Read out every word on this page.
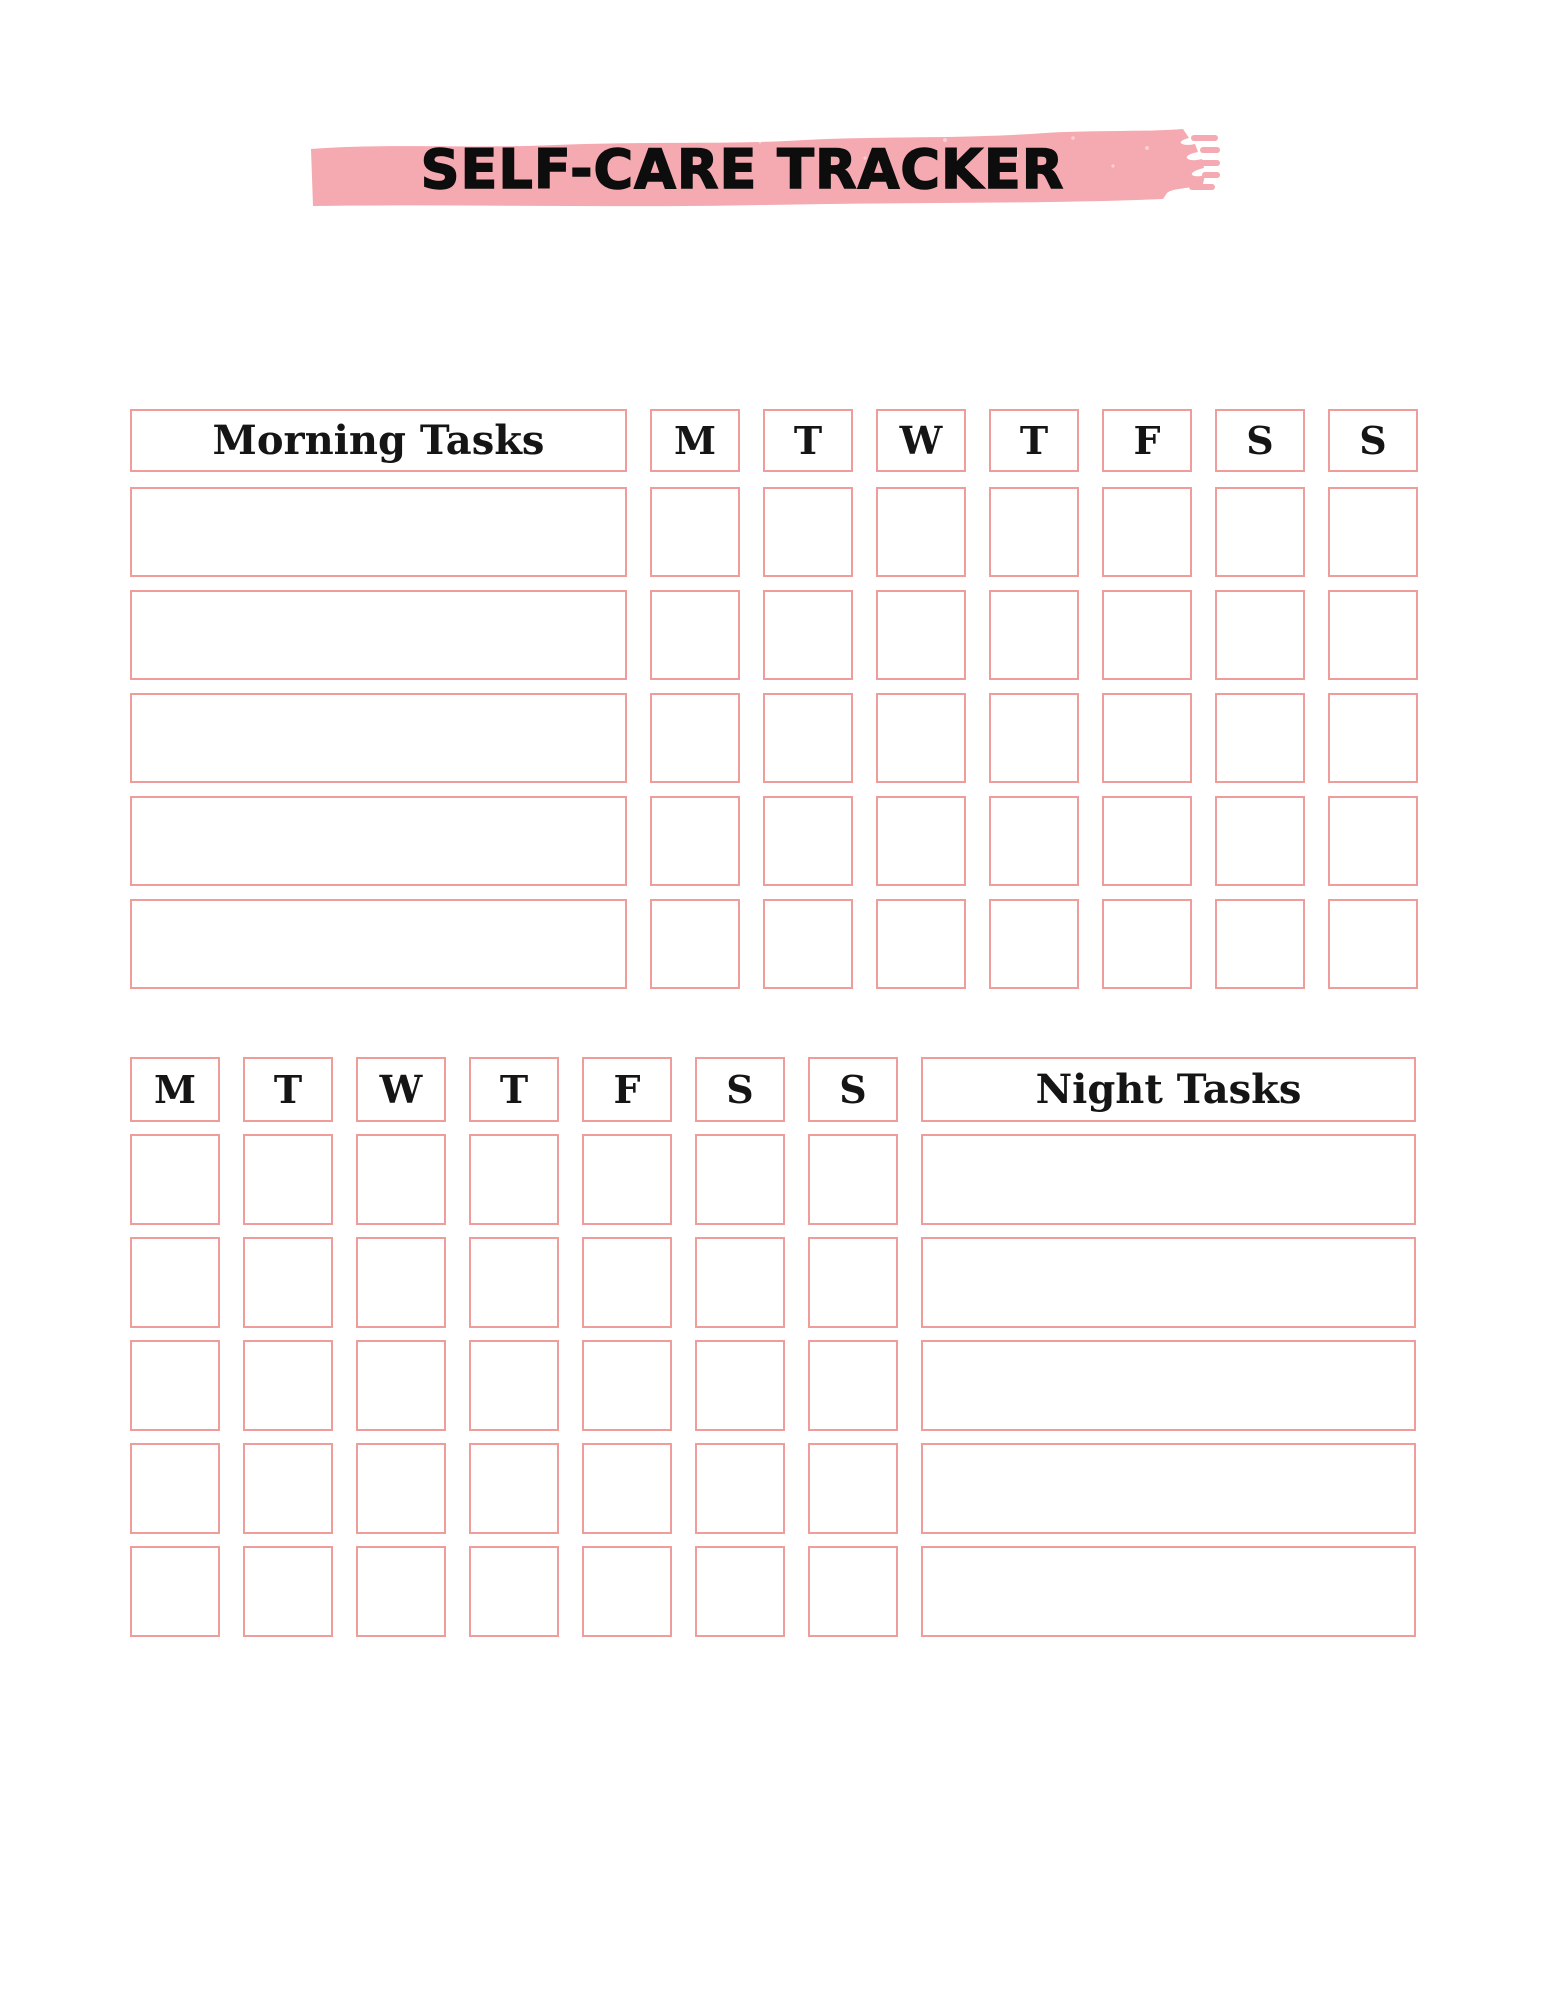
SELF-CARE TRACKER
Morning Tasks	M	T	W	T	F	S	S
M	T	W	T	F	S	S	Night Tasks
